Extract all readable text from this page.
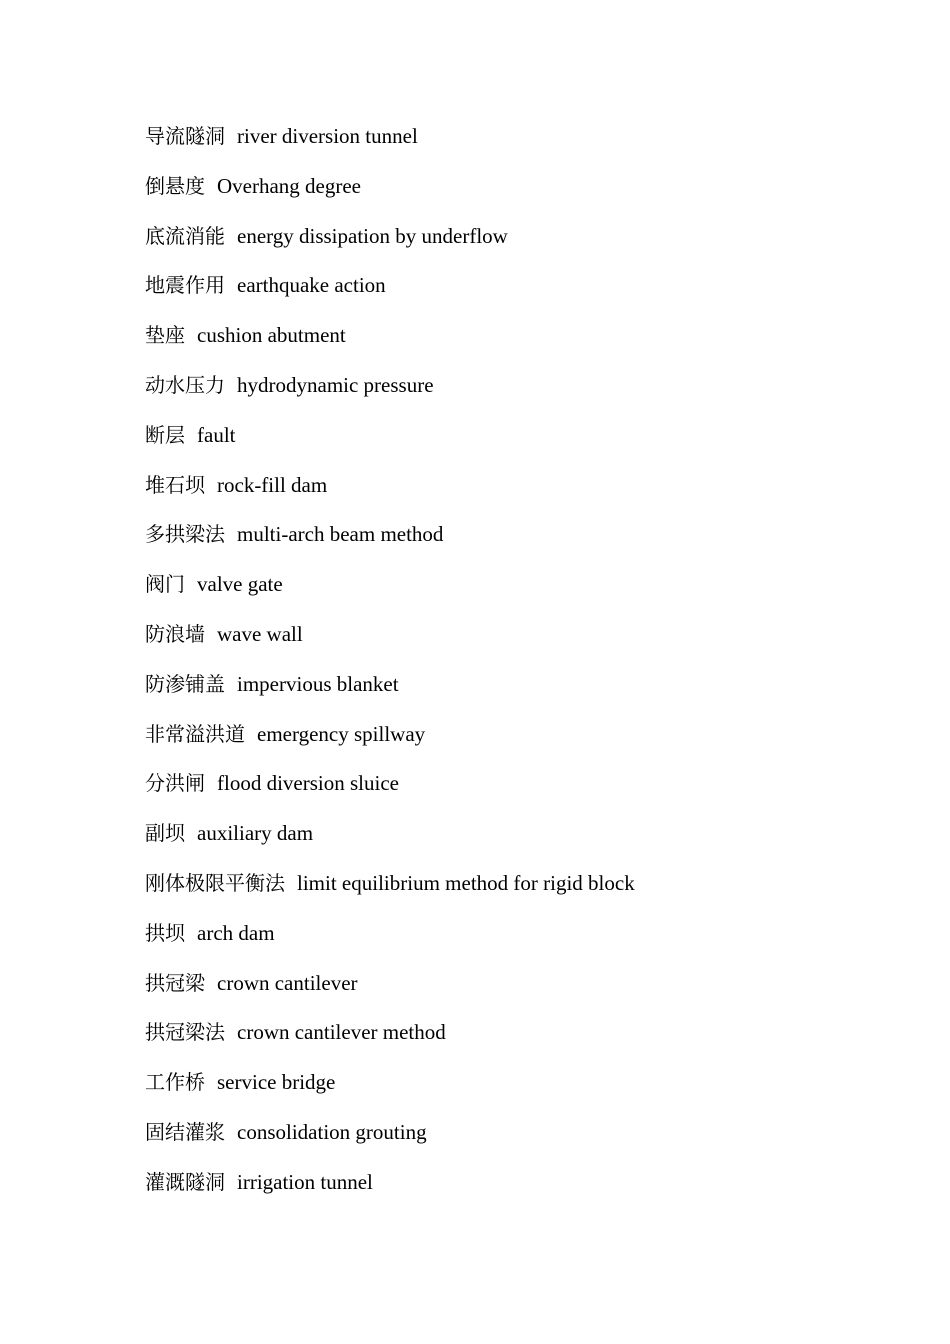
导流隧洞 river diversion tunnel
倒悬度 Overhang degree
底流消能 energy dissipation by underflow
地震作用 earthquake action
垫座 cushion abutment
动水压力 hydrodynamic pressure
断层 fault
堆石坝 rock-fill dam
多拱梁法 multi-arch beam method
阀门 valve gate
防浪墙 wave wall
防渗铺盖 impervious blanket
非常溢洪道 emergency spillway
分洪闸 flood diversion sluice
副坝 auxiliary dam
刚体极限平衡法 limit equilibrium method for rigid block
拱坝 arch dam
拱冠梁 crown cantilever
拱冠梁法 crown cantilever method
工作桥 service bridge
固结灌浆 consolidation grouting
灌溉隧洞 irrigation tunnel
